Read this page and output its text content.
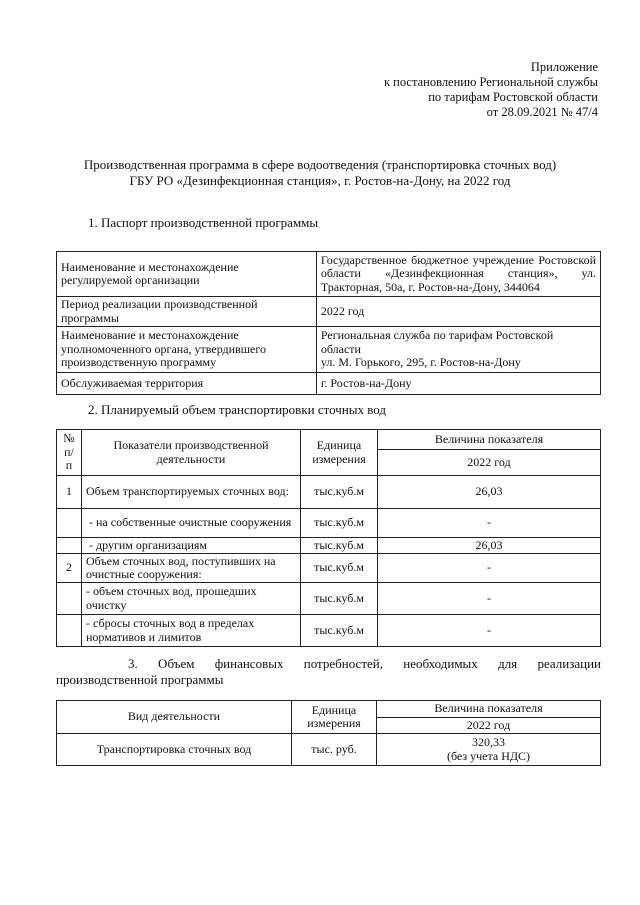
Приложение
к постановлению Региональной службы
по тарифам Ростовской области
от 28.09.2021 № 47/4
Производственная программа в сфере водоотведения (транспортировка сточных вод)
ГБУ РО «Дезинфекционная станция», г. Ростов-на-Дону, на 2022 год
1. Паспорт производственной программы
Наименование и местонахождение регулируемой организации	Государственное бюджетное учреждение Ростовской области «Дезинфекционная станция», ул. Тракторная, 50а, г. Ростов-на-Дону, 344064
Период реализации производственной программы	2022 год
Наименование и местонахождение уполномоченного органа, утвердившего производственную программу	Региональная служба по тарифам Ростовской области
ул. М. Горького, 295, г. Ростов-на-Дону

Обслуживаемая территория	г. Ростов-на-Дону
2. Планируемый объем транспортировки сточных вод
№ п/п	Показатели производственной деятельности	Единица измерения	Величина показателя
			2022 год
1	Объем транспортируемых сточных вод:	тыс.куб.м	26,03
	- на собственные очистные сооружения	тыс.куб.м	-
	- другим организациям	тыс.куб.м	26,03
2	Объем сточных вод, поступивших на очистные сооружения:	тыс.куб.м	-
	- объем сточных вод, прошедших очистку	тыс.куб.м	-
	- сбросы сточных вод в пределах нормативов и лимитов	тыс.куб.м	-
3. Объем финансовых потребностей, необходимых для реализации производственной программы
Вид деятельности	Единица измерения	Величина показателя
		2022 год
Транспортировка сточных вод	тыс. руб.	320,33
(без учета НДС)
